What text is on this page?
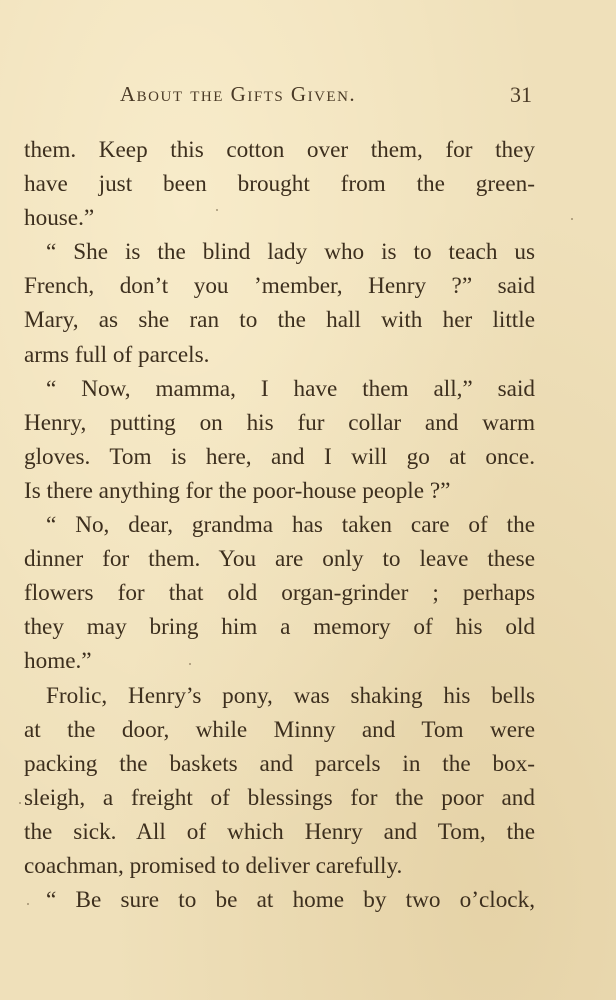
About the Gifts Given.	31
them. Keep this cotton over them, for they
have just been brought from the green-
house.”
“ She is the blind lady who is to teach us
French, don’t you ’member, Henry ?” said
Mary, as she ran to the hall with her little
arms full of parcels.
“ Now, mamma, I have them all,” said
Henry, putting on his fur collar and warm
gloves. Tom is here, and I will go at once.
Is there anything for the poor-house people ?”
“ No, dear, grandma has taken care of the
dinner for them. You are only to leave these
flowers for that old organ-grinder ; perhaps
they may bring him a memory of his old
home.”
Frolic, Henry’s pony, was shaking his bells
at the door, while Minny and Tom were
packing the baskets and parcels in the box-
sleigh, a freight of blessings for the poor and
the sick. All of which Henry and Tom, the
coachman, promised to deliver carefully.
“ Be sure to be at home by two o’clock,
